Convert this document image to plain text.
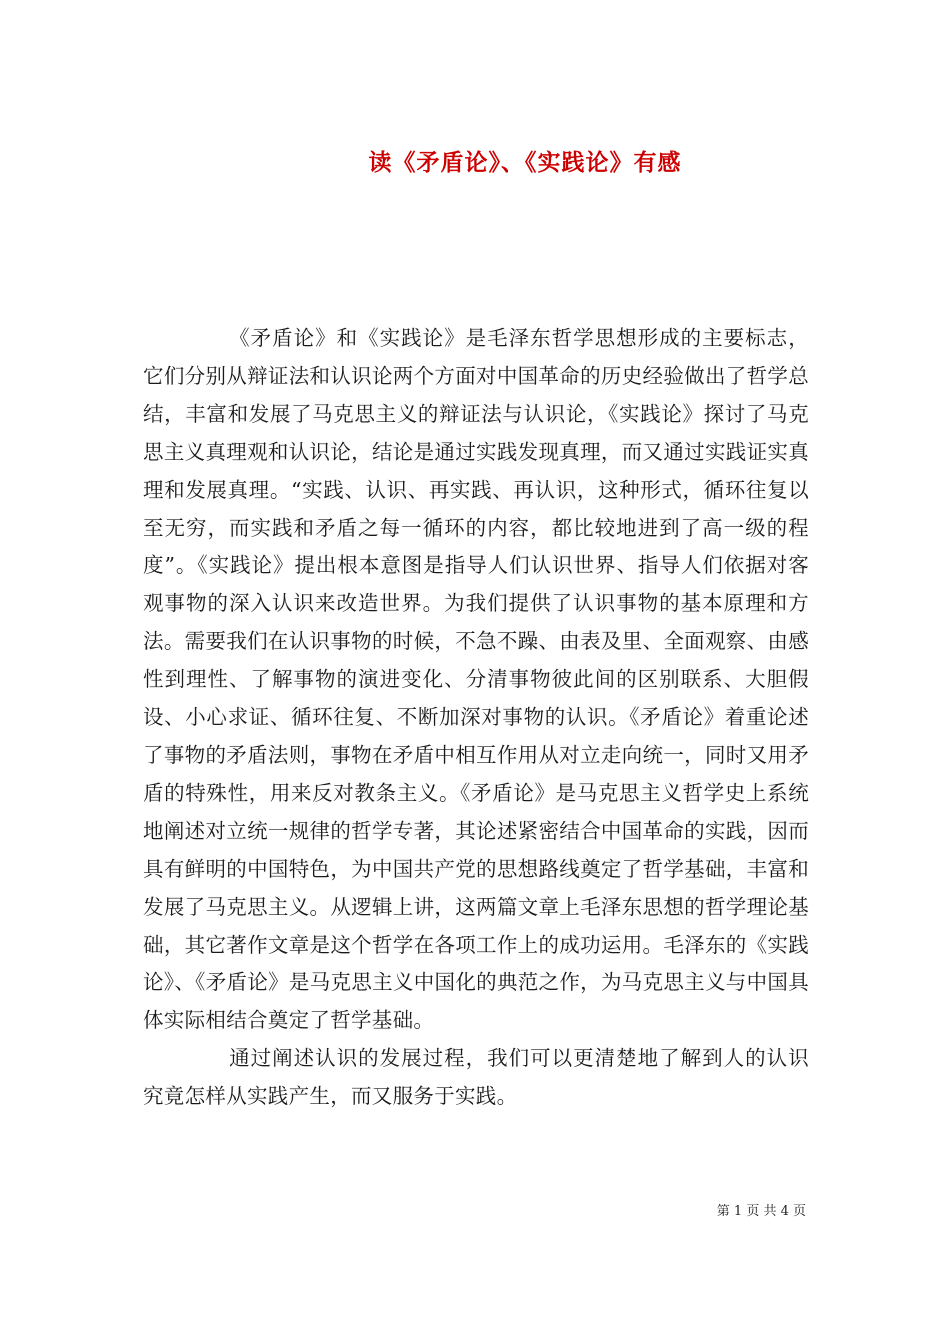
读《矛盾论》、《实践论》有感

《矛盾论》和《实践论》是毛泽东哲学思想形成的主要标志，它们分别从辩证法和认识论两个方面对中国革命的历史经验做出了哲学总结，丰富和发展了马克思主义的辩证法与认识论，《实践论》探讨了马克思主义真理观和认识论，结论是通过实践发现真理，而又通过实践证实真理和发展真理。“实践、认识、再实践、再认识，这种形式，循环往复以至无穷，而实践和矛盾之每一循环的内容，都比较地进到了高一级的程度”。《实践论》提出根本意图是指导人们认识世界、指导人们依据对客观事物的深入认识来改造世界。为我们提供了认识事物的基本原理和方法。需要我们在认识事物的时候，不急不躁、由表及里、全面观察、由感性到理性、了解事物的演进变化、分清事物彼此间的区别联系、大胆假设、小心求证、循环往复、不断加深对事物的认识。《矛盾论》着重论述了事物的矛盾法则，事物在矛盾中相互作用从对立走向统一，同时又用矛盾的特殊性，用来反对教条主义。《矛盾论》是马克思主义哲学史上系统地阐述对立统一规律的哲学专著，其论述紧密结合中国革命的实践，因而具有鲜明的中国特色，为中国共产党的思想路线奠定了哲学基础，丰富和发展了马克思主义。从逻辑上讲，这两篇文章上毛泽东思想的哲学理论基础，其它著作文章是这个哲学在各项工作上的成功运用。毛泽东的《实践论》、《矛盾论》是马克思主义中国化的典范之作，为马克思主义与中国具体实际相结合奠定了哲学基础。

通过阐述认识的发展过程，我们可以更清楚地了解到人的认识究竟怎样从实践产生，而又服务于实践。

第 1 页 共 4 页
